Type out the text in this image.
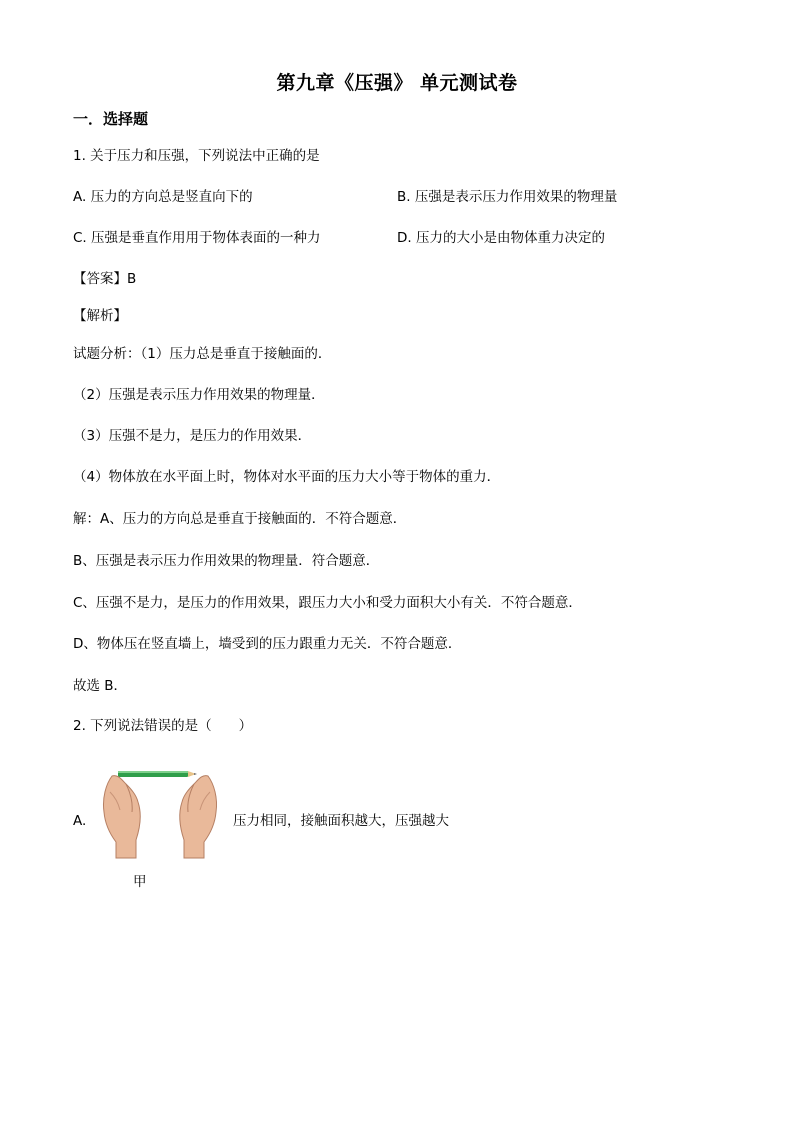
第九章《压强》 单元测试卷
一．选择题
1. 关于压力和压强，下列说法中正确的是
A. 压力的方向总是竖直向下的	B. 压强是表示压力作用效果的物理量
C. 压强是垂直作用用于物体表面的一种力	D. 压力的大小是由物体重力决定的
【答案】B
【解析】
试题分析：（1）压力总是垂直于接触面的．
（2）压强是表示压力作用效果的物理量．
（3）压强不是力，是压力的作用效果．
（4）物体放在水平面上时，物体对水平面的压力大小等于物体的重力．
解：A、压力的方向总是垂直于接触面的．不符合题意．
B、压强是表示压力作用效果的物理量．符合题意．
C、压强不是力，是压力的作用效果，跟压力大小和受力面积大小有关．不符合题意．
D、物体压在竖直墙上，墙受到的压力跟重力无关．不符合题意．
故选 B．
2. 下列说法错误的是（　　）
A.	压力相同，接触面积越大，压强越大
甲
